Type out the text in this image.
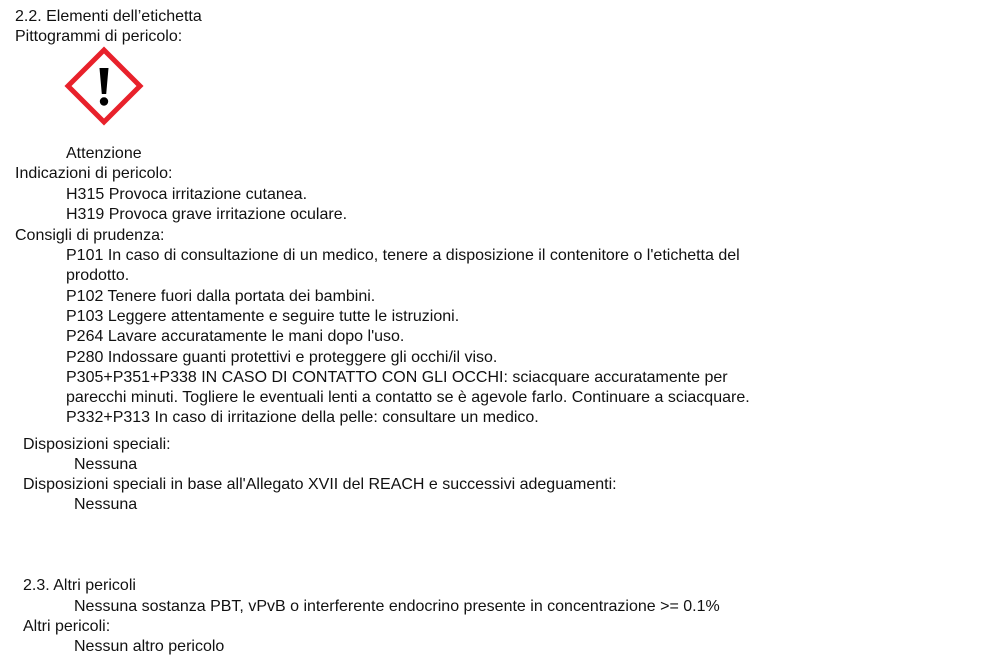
2.2. Elementi dell’etichetta
Pittogrammi di pericolo:
Attenzione
Indicazioni di pericolo:
H315 Provoca irritazione cutanea.
H319 Provoca grave irritazione oculare.
Consigli di prudenza:
P101 In caso di consultazione di un medico, tenere a disposizione il contenitore o l'etichetta del
prodotto.
P102 Tenere fuori dalla portata dei bambini.
P103 Leggere attentamente e seguire tutte le istruzioni.
P264 Lavare accuratamente le mani dopo l'uso.
P280 Indossare guanti protettivi e proteggere gli occhi/il viso.
P305+P351+P338 IN CASO DI CONTATTO CON GLI OCCHI: sciacquare accuratamente per
parecchi minuti. Togliere le eventuali lenti a contatto se è agevole farlo. Continuare a sciacquare.
P332+P313 In caso di irritazione della pelle: consultare un medico.
Disposizioni speciali:
Nessuna
Disposizioni speciali in base all'Allegato XVII del REACH e successivi adeguamenti:
Nessuna
2.3. Altri pericoli
Nessuna sostanza PBT, vPvB o interferente endocrino presente in concentrazione >= 0.1%
Altri pericoli:
Nessun altro pericolo
